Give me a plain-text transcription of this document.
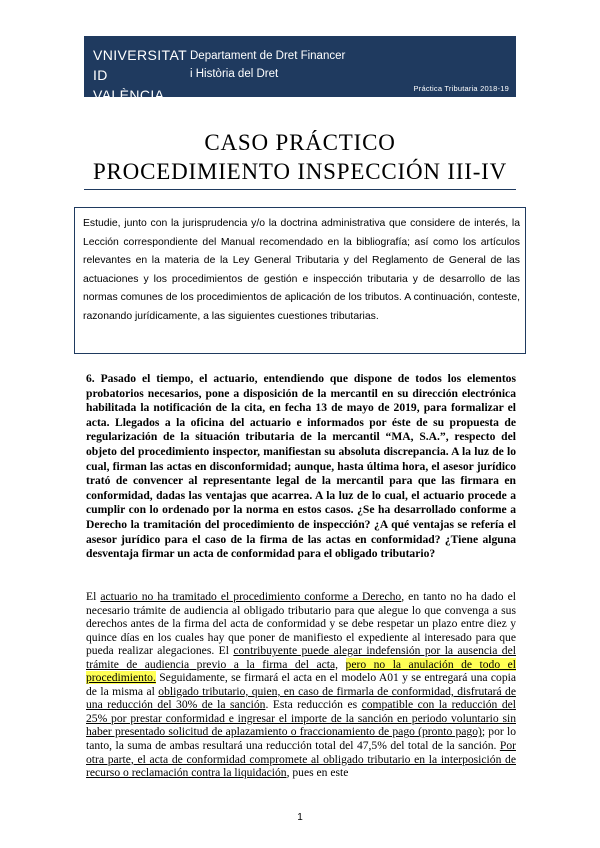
VNIVERSITAT
ID VALÈNCIA
Departament de Dret Financer
i Història del Dret
Práctica Tributaria 2018-19
CASO PRÁCTICO
PROCEDIMIENTO INSPECCIÓN III-IV

Estudie, junto con la jurisprudencia y/o la doctrina administrativa que considere de interés, la Lección correspondiente del Manual recomendado en la bibliografía; así como los artículos relevantes en la materia de la Ley General Tributaria y del Reglamento de General de las actuaciones y los procedimientos de gestión e inspección tributaria y de desarrollo de las normas comunes de los procedimientos de aplicación de los tributos. A continuación, conteste, razonando jurídicamente, a las siguientes cuestiones tributarias.

6. Pasado el tiempo, el actuario, entendiendo que dispone de todos los elementos probatorios necesarios, pone a disposición de la mercantil en su dirección electrónica habilitada la notificación de la cita, en fecha 13 de mayo de 2019, para formalizar el acta. Llegados a la oficina del actuario e informados por éste de su propuesta de regularización de la situación tributaria de la mercantil “MA, S.A.”, respecto del objeto del procedimiento inspector, manifiestan su absoluta discrepancia. A la luz de lo cual, firman las actas en disconformidad; aunque, hasta última hora, el asesor jurídico trató de convencer al representante legal de la mercantil para que las firmara en conformidad, dadas las ventajas que acarrea. A la luz de lo cual, el actuario procede a cumplir con lo ordenado por la norma en estos casos. ¿Se ha desarrollado conforme a Derecho la tramitación del procedimiento de inspección? ¿A qué ventajas se refería el asesor jurídico para el caso de la firma de las actas en conformidad? ¿Tiene alguna desventaja firmar un acta de conformidad para el obligado tributario?

El actuario no ha tramitado el procedimiento conforme a Derecho, en tanto no ha dado el necesario trámite de audiencia al obligado tributario para que alegue lo que convenga a sus derechos antes de la firma del acta de conformidad y se debe respetar un plazo entre diez y quince días en los cuales hay que poner de manifiesto el expediente al interesado para que pueda realizar alegaciones. El contribuyente puede alegar indefensión por la ausencia del trámite de audiencia previo a la firma del acta, pero no la anulación de todo el procedimiento. Seguidamente, se firmará el acta en el modelo A01 y se entregará una copia de la misma al obligado tributario, quien, en caso de firmarla de conformidad, disfrutará de una reducción del 30% de la sanción. Esta reducción es compatible con la reducción del 25% por prestar conformidad e ingresar el importe de la sanción en periodo voluntario sin haber presentado solicitud de aplazamiento o fraccionamiento de pago (pronto pago); por lo tanto, la suma de ambas resultará una reducción total del 47,5% del total de la sanción. Por otra parte, el acta de conformidad compromete al obligado tributario en la interposición de recurso o reclamación contra la liquidación, pues en este

1
